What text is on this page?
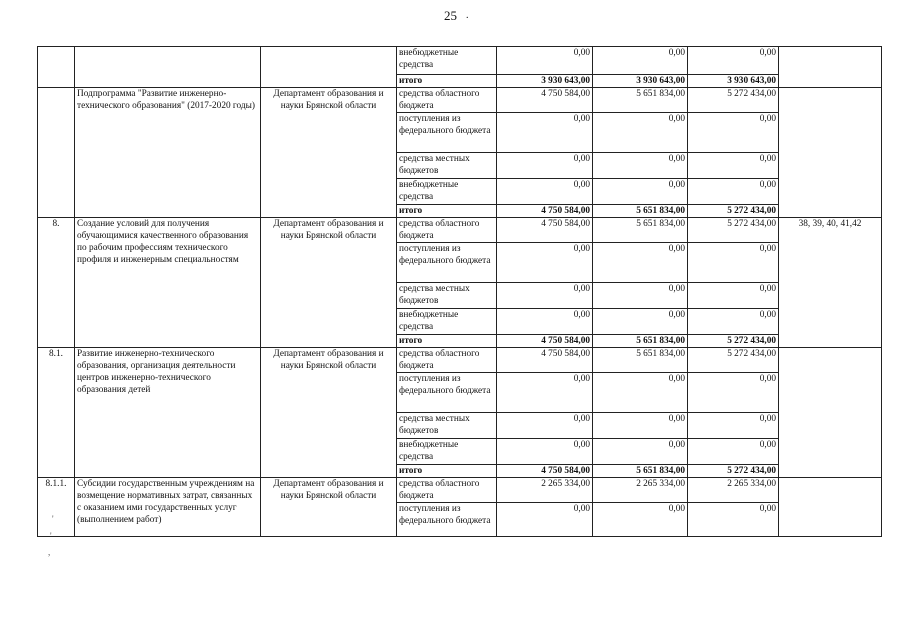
25 .
			внебюджетные средства	0,00	0,00	0,00	
			итого	3 930 643,00	3 930 643,00	3 930 643,00	
	Подпрограмма "Развитие инженерно-технического образования" (2017-2020 годы)	Департамент образования и науки Брянской области	средства областного бюджета	4 750 584,00	5 651 834,00	5 272 434,00	
			поступления из федерального бюджета	0,00	0,00	0,00	
			средства местных бюджетов	0,00	0,00	0,00	
			внебюджетные средства	0,00	0,00	0,00	
			итого	4 750 584,00	5 651 834,00	5 272 434,00	
8.	Создание условий для получения обучающимися качественного образования по рабочим профессиям технического профиля и инженерным специальностям	Департамент образования и науки Брянской области	средства областного бюджета	4 750 584,00	5 651 834,00	5 272 434,00	38, 39, 40, 41,42
			поступления из федерального бюджета	0,00	0,00	0,00	
			средства местных бюджетов	0,00	0,00	0,00	
			внебюджетные средства	0,00	0,00	0,00	
			итого	4 750 584,00	5 651 834,00	5 272 434,00	
8.1.	Развитие инженерно-технического образования, организация деятельности центров инженерно-технического образования детей	Департамент образования и науки Брянской области	средства областного бюджета	4 750 584,00	5 651 834,00	5 272 434,00	
			поступления из федерального бюджета	0,00	0,00	0,00	
			средства местных бюджетов	0,00	0,00	0,00	
			внебюджетные средства	0,00	0,00	0,00	
			итого	4 750 584,00	5 651 834,00	5 272 434,00	
8.1.1.	Субсидии государственным учреждениям на возмещение нормативных затрат, связанных с оказанием ими государственных услуг (выполнением работ)	Департамент образования и науки Брянской области	средства областного бюджета	2 265 334,00	2 265 334,00	2 265 334,00	
			поступления из федерального бюджета	0,00	0,00	0,00	
'
'
,
